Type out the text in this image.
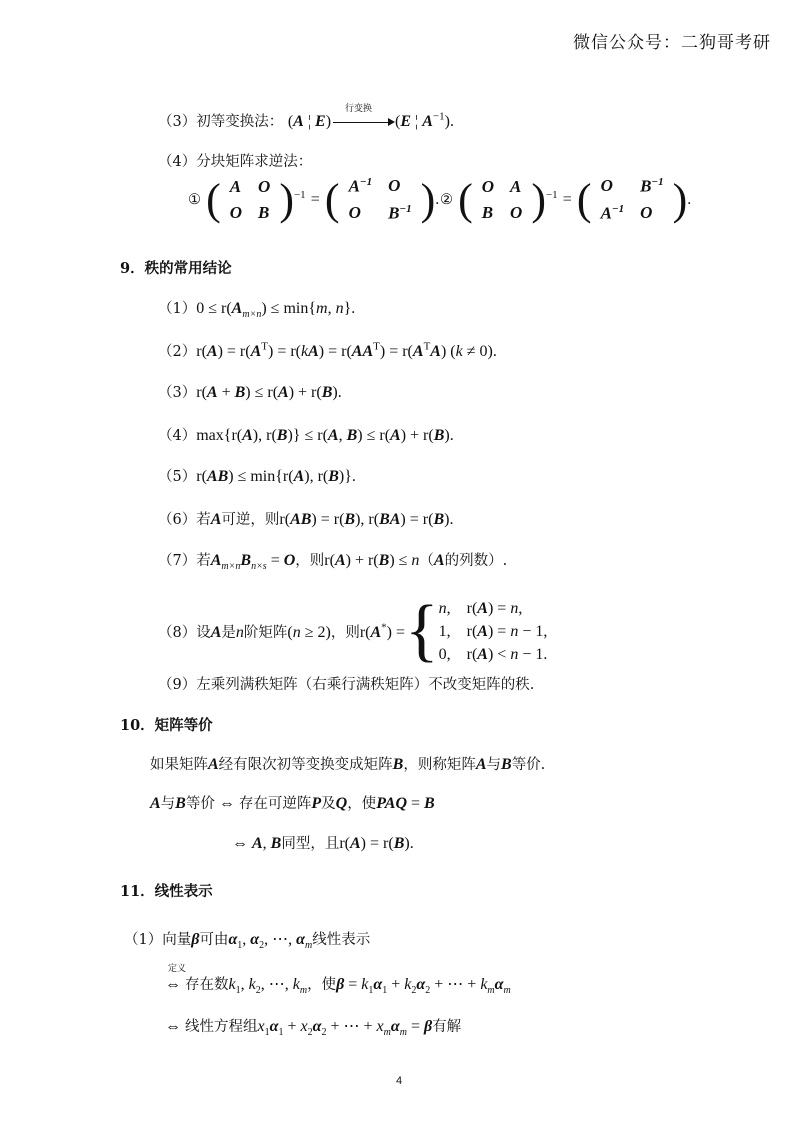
微信公众号：二狗哥考研
（3）初等变换法： (A ¦ E)
行变换
(E ¦ $A^{-1}$).
（4）分块矩阵求逆法：
① ( A	O
O	B )$^{-1}$ = ( $A^{-1}$	O
O	$B^{-1}$ ). ② ( O	A
B	O )$^{-1}$ = ( O	$B^{-1}$
$A^{-1}$	O ).
9．秩的常用结论
$(1)0 \le r(A_{m\times n}) \le \min\{m$, n}.
$(2)r(A) = r(A^T) = r(kA) = r(AA^T) = r(A^TA) (k \ne 0)$.
（3）r(A + B) ≤ r(A) + r(B).
（4）max{r(A), r(B)} ≤ r(A, B) ≤ r(A) + r(B).
（5）r(AB) ≤ min{r(A), r(B)}.
（6）若A可逆，则r(AB) = r(B), r(BA) = r(B).
（7）若$A_{m\times n}B_{n\times s} = O$，则r(A) + r(B) ≤ n（A的列数）.
（8）设A是n阶矩阵(n ≥ 2)，则r(A*) ={n,    r(A) = n,
1,    r(A) = n − 1,
0,    r(A) < n − 1.
（9）左乘列满秩矩阵（右乘行满秩矩阵）不改变矩阵的秩.
10．矩阵等价
如果矩阵A经有限次初等变换变成矩阵B，则称矩阵A与B等价.
A与B等价 ⇔ 存在可逆阵P及Q，使PAQ = B
⇔ A, B同型，且r(A) = r(B).
11．线性表示
（1）向量β可由$\alpha_1$, $\alpha_2$, ⋯, $\alpha_m$线性表示
定义
⇔ 存在数$k_1$, $k_2$, ⋯, $k_m$，使$\beta = k_1\alpha_1 + k_2\alpha_2$ + ⋯ + $k_m\alpha_m$
⇔ 线性方程组$x_1\alpha_1 + x_2\alpha_2$ + ⋯ + $x_m\alpha_m = \beta$有解
4
